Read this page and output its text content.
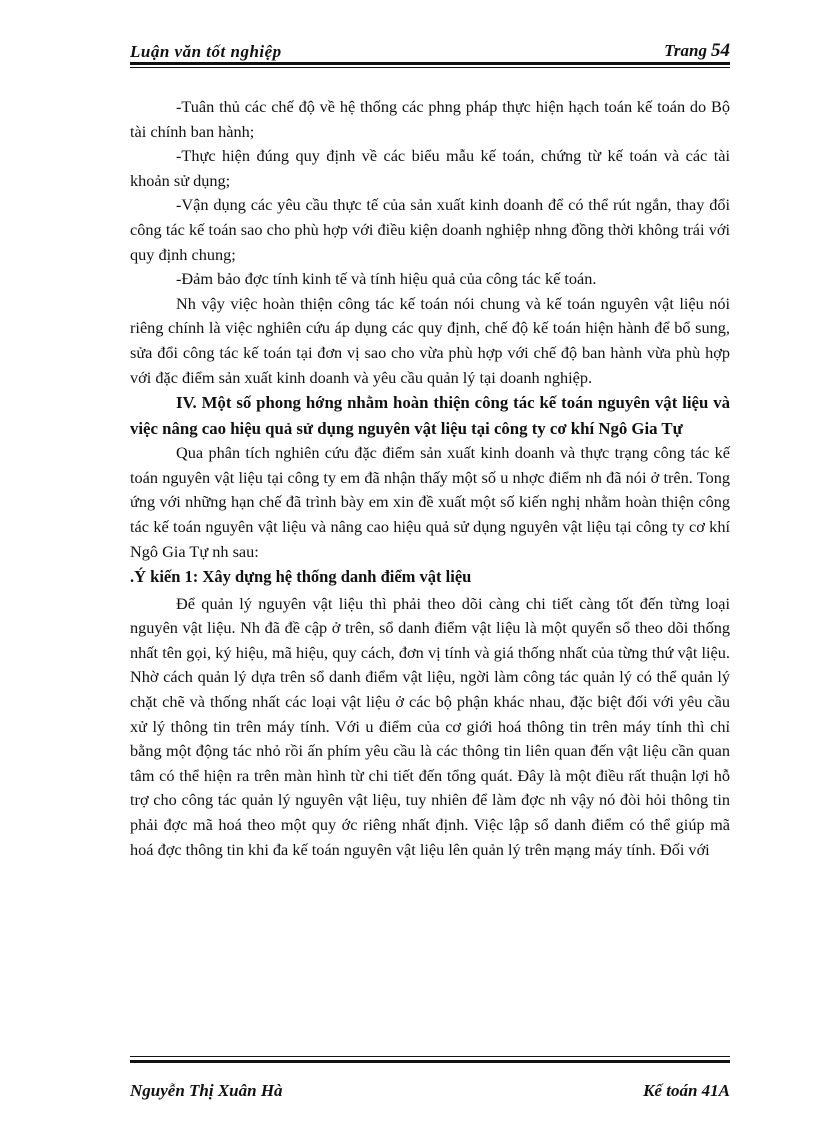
Luận văn tốt nghiệp	Trang 54

-Tuân thủ các chế độ về hệ thống các phng pháp thực hiện hạch toán kế toán do Bộ tài chính ban hành;

-Thực hiện đúng quy định về các biểu mẫu kế toán, chứng từ kế toán và các tài khoản sử dụng;

-Vận dụng các yêu cầu thực tế của sản xuất kinh doanh để có thể rút ngắn, thay đổi công tác kế toán sao cho phù hợp với điều kiện doanh nghiệp nhng đồng thời không trái với quy định chung;

-Đảm bảo đợc tính kinh tế và tính hiệu quả của công tác kế toán.

Nh vậy việc hoàn thiện công tác kế toán nói chung và kế toán nguyên vật liệu nói riêng chính là việc nghiên cứu áp dụng các quy định, chế độ kế toán hiện hành để bổ sung, sửa đổi công tác kế toán tại đơn vị sao cho vừa phù hợp với chế độ ban hành vừa phù hợp với đặc điểm sản xuất kinh doanh và yêu cầu quản lý tại doanh nghiệp.

IV. Một số phong hớng nhằm hoàn thiện công tác kế toán nguyên vật liệu và việc nâng cao hiệu quả sử dụng nguyên vật liệu tại công ty cơ khí Ngô Gia Tự

Qua phân tích nghiên cứu đặc điểm sản xuất kinh doanh và thực trạng công tác kế toán nguyên vật liệu tại công ty em đã nhận thấy một số u nhợc điểm nh đã nói ở trên. Tong ứng với những hạn chế đã trình bày em xin đề xuất một số kiến nghị nhằm hoàn thiện công tác kế toán nguyên vật liệu và nâng cao hiệu quả sử dụng nguyên vật liệu tại công ty cơ khí Ngô Gia Tự nh sau:

.Ý kiến 1: Xây dựng hệ thống danh điểm vật liệu

Để quản lý nguyên vật liệu thì phải theo dõi càng chi tiết càng tốt đến từng loại nguyên vật liệu. Nh đã đề cập ở trên, sổ danh điểm vật liệu là một quyển sổ theo dõi thống nhất tên gọi, ký hiệu, mã hiệu, quy cách, đơn vị tính và giá thống nhất của từng thứ vật liệu. Nhờ cách quản lý dựa trên sổ danh điểm vật liệu, ngời làm công tác quản lý có thể quản lý chặt chẽ và thống nhất các loại vật liệu ở các bộ phận khác nhau, đặc biệt đối với yêu cầu xử lý thông tin trên máy tính. Với u điểm của cơ giới hoá thông tin trên máy tính thì chỉ bằng một động tác nhỏ rồi ấn phím yêu cầu là các thông tin liên quan đến vật liệu cần quan tâm có thể hiện ra trên màn hình từ chi tiết đến tổng quát. Đây là một điều rất thuận lợi hỗ trợ cho công tác quản lý nguyên vật liệu, tuy nhiên để làm đợc nh vậy nó đòi hỏi thông tin phải đợc mã hoá theo một quy ớc riêng nhất định. Việc lập sổ danh điểm có thể giúp mã hoá đợc thông tin khi đa kế toán nguyên vật liệu lên quản lý trên mạng máy tính. Đối với

Nguyễn Thị Xuân Hà	Kế toán 41A
